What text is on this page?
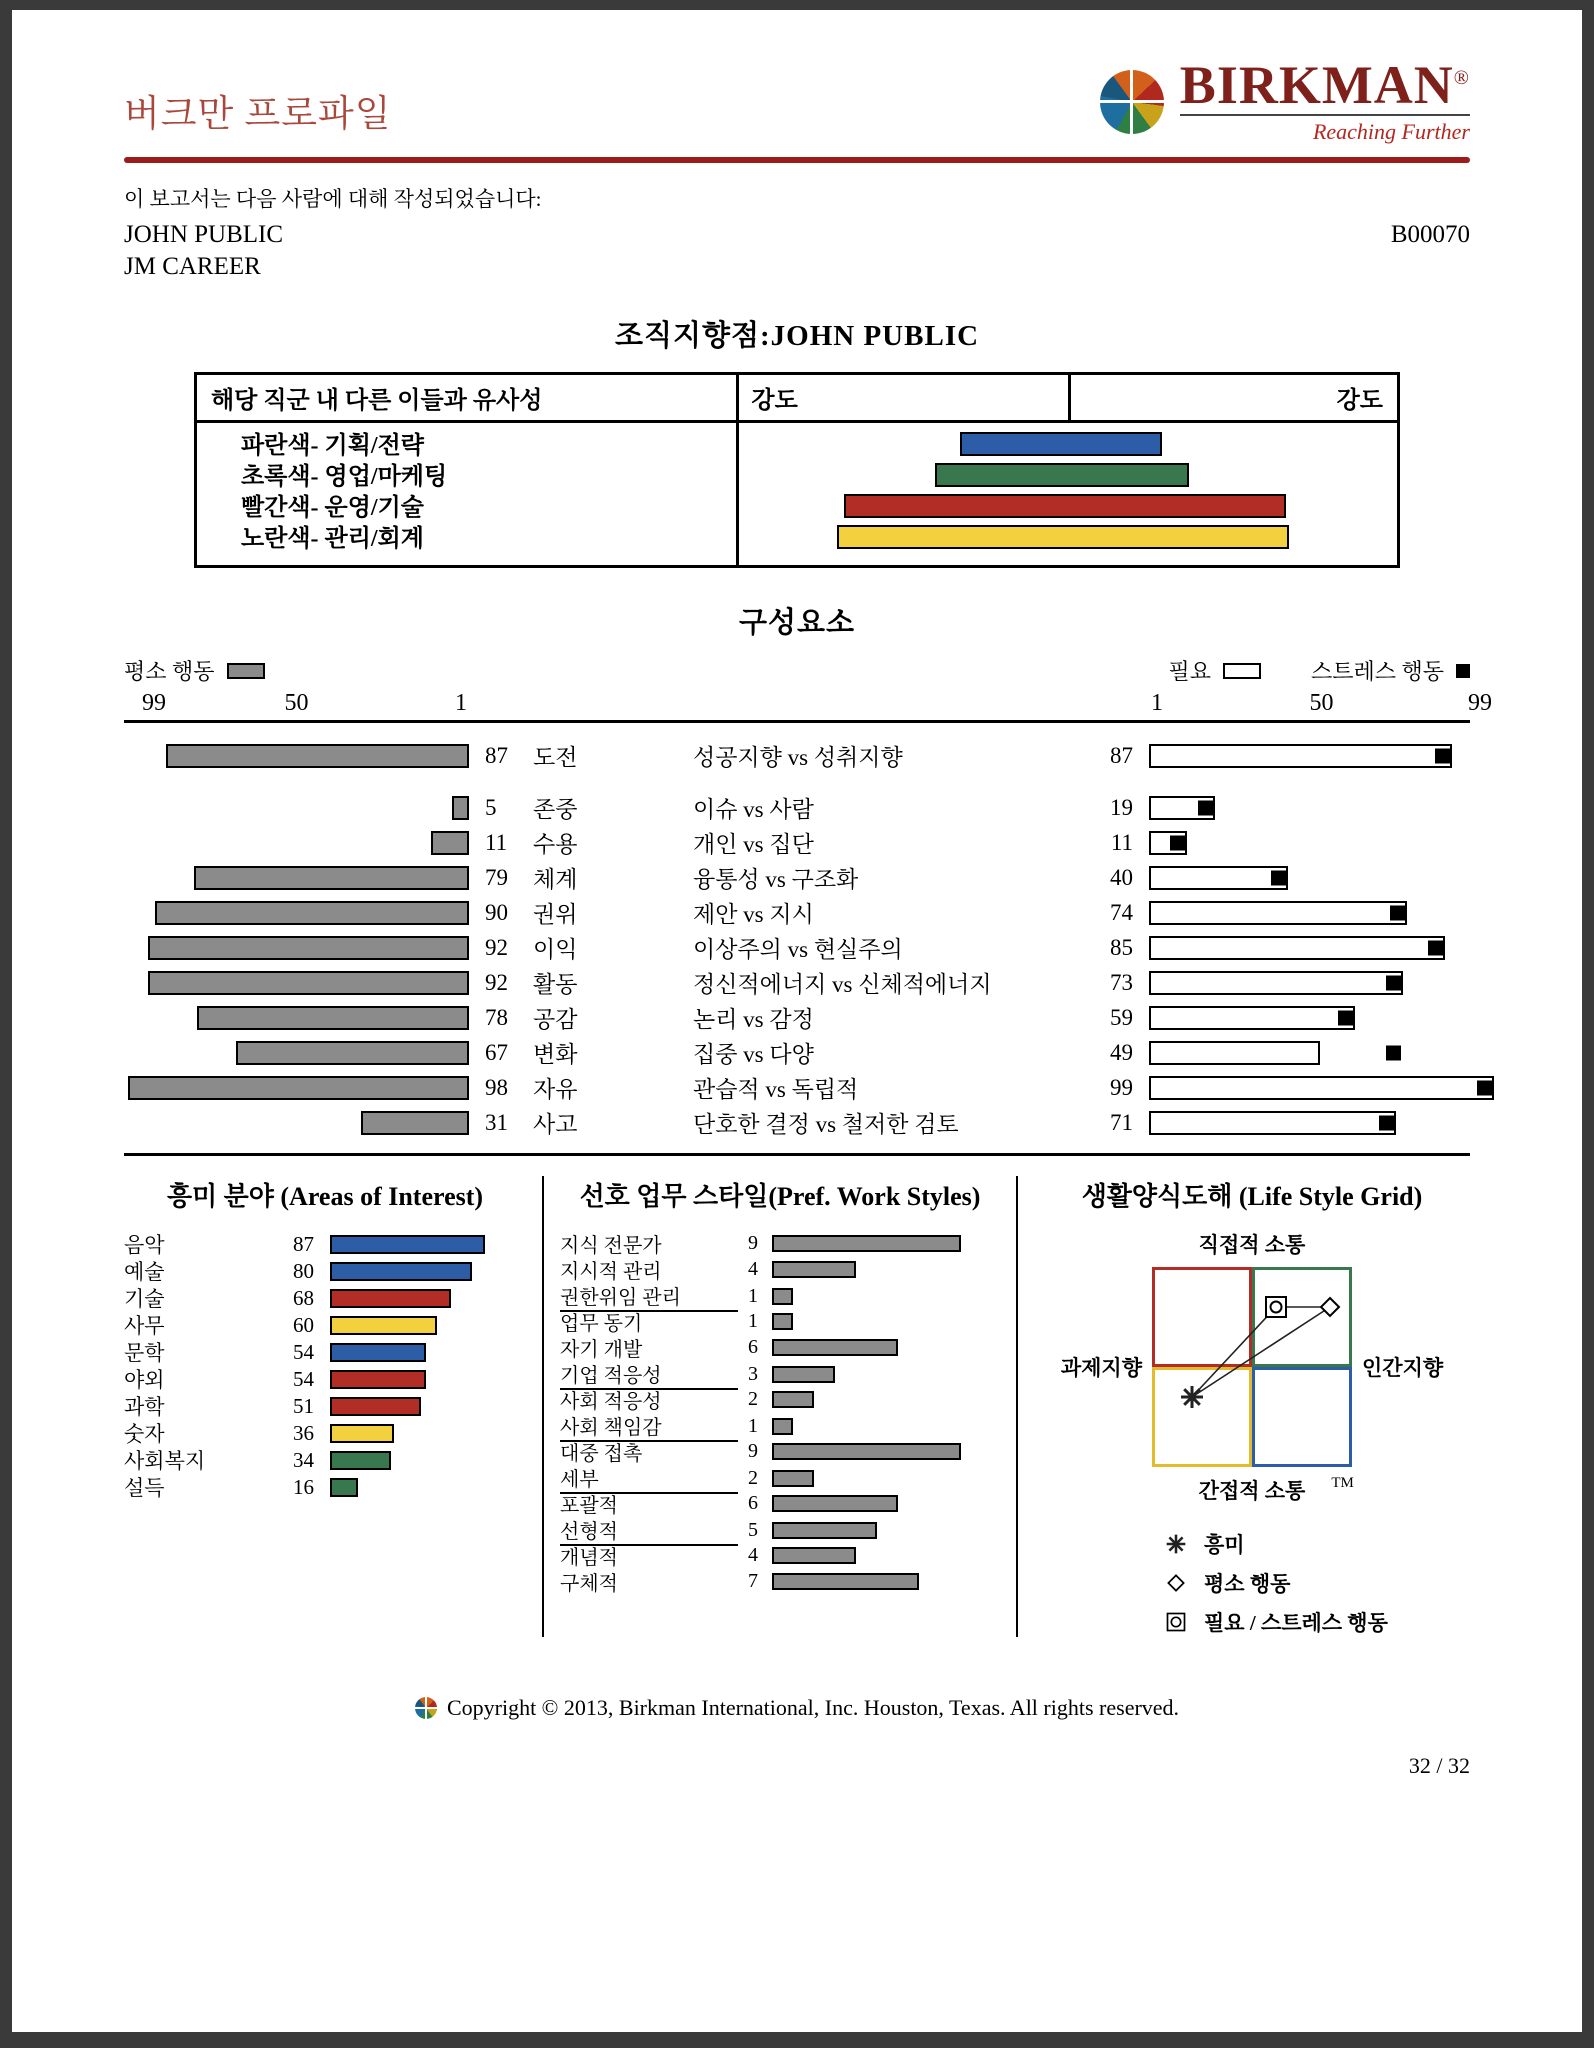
버크만 프로파일	BIRKMAN®
Reaching Further
이 보고서는 다음 사람에 대해 작성되었습니다:
JOHN PUBLIC	B00070
JM CAREER
조직지향점:JOHN PUBLIC
해당 직군 내 다른 이들과 유사성	강도	강도
파란색- 기획/전략
초록색- 영업/마케팅
빨간색- 운영/기술
노란색- 관리/회계
구성요소
평소 행동	필요	스트레스 행동
99	50	1	1	50	99
87	도전	성공지향 vs 성취지향	87
5	존중	이슈 vs 사람	19
11	수용	개인 vs 집단	11
79	체계	융통성 vs 구조화	40
90	권위	제안 vs 지시	74
92	이익	이상주의 vs 현실주의	85
92	활동	정신적에너지 vs 신체적에너지	73
78	공감	논리 vs 감정	59
67	변화	집중 vs 다양	49
98	자유	관습적 vs 독립적	99
31	사고	단호한 결정 vs 철저한 검토	71
흥미 분야 (Areas of Interest)
음악	87
예술	80
기술	68
사무	60
문학	54
야외	54
과학	51
숫자	36
사회복지	34
설득	16
선호 업무 스타일(Pref. Work Styles)
지식 전문가	9
지시적 관리	4
권한위임 관리	1
업무 동기	1
자기 개발	6
기업 적응성	3
사회 적응성	2
사회 책임감	1
대중 접촉	9
세부	2
포괄적	6
선형적	5
개념적	4
구체적	7
생활양식도해 (Life Style Grid)
직접적 소통
과제지향	인간지향
간접적 소통 TM
흥미
평소 행동
필요 / 스트레스 행동
Copyright © 2013, Birkman International, Inc. Houston, Texas. All rights reserved.
32 / 32
